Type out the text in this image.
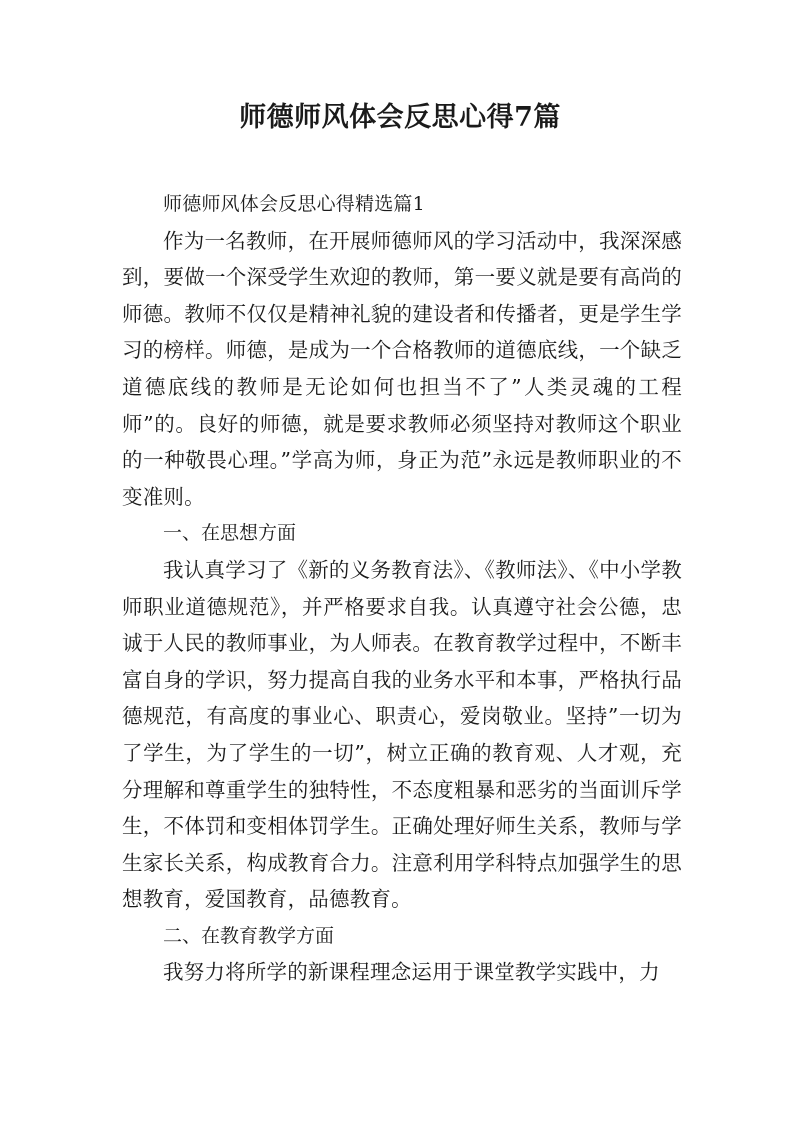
师德师风体会反思心得7篇

师德师风体会反思心得精选篇1

作为一名教师，在开展师德师风的学习活动中，我深深感到，要做一个深受学生欢迎的教师，第一要义就是要有高尚的师德。教师不仅仅是精神礼貌的建设者和传播者，更是学生学习的榜样。师德，是成为一个合格教师的道德底线，一个缺乏道德底线的教师是无论如何也担当不了”人类灵魂的工程师”的。良好的师德，就是要求教师必须坚持对教师这个职业的一种敬畏心理。”学高为师，身正为范”永远是教师职业的不变准则。

一、在思想方面

我认真学习了《新的义务教育法》、《教师法》、《中小学教师职业道德规范》，并严格要求自我。认真遵守社会公德，忠诚于人民的教师事业，为人师表。在教育教学过程中，不断丰富自身的学识，努力提高自我的业务水平和本事，严格执行品德规范，有高度的事业心、职责心，爱岗敬业。坚持”一切为了学生，为了学生的一切”，树立正确的教育观、人才观，充分理解和尊重学生的独特性，不态度粗暴和恶劣的当面训斥学生，不体罚和变相体罚学生。正确处理好师生关系，教师与学生家长关系，构成教育合力。注意利用学科特点加强学生的思想教育，爱国教育，品德教育。

二、在教育教学方面

我努力将所学的新课程理念运用于课堂教学实践中，力
